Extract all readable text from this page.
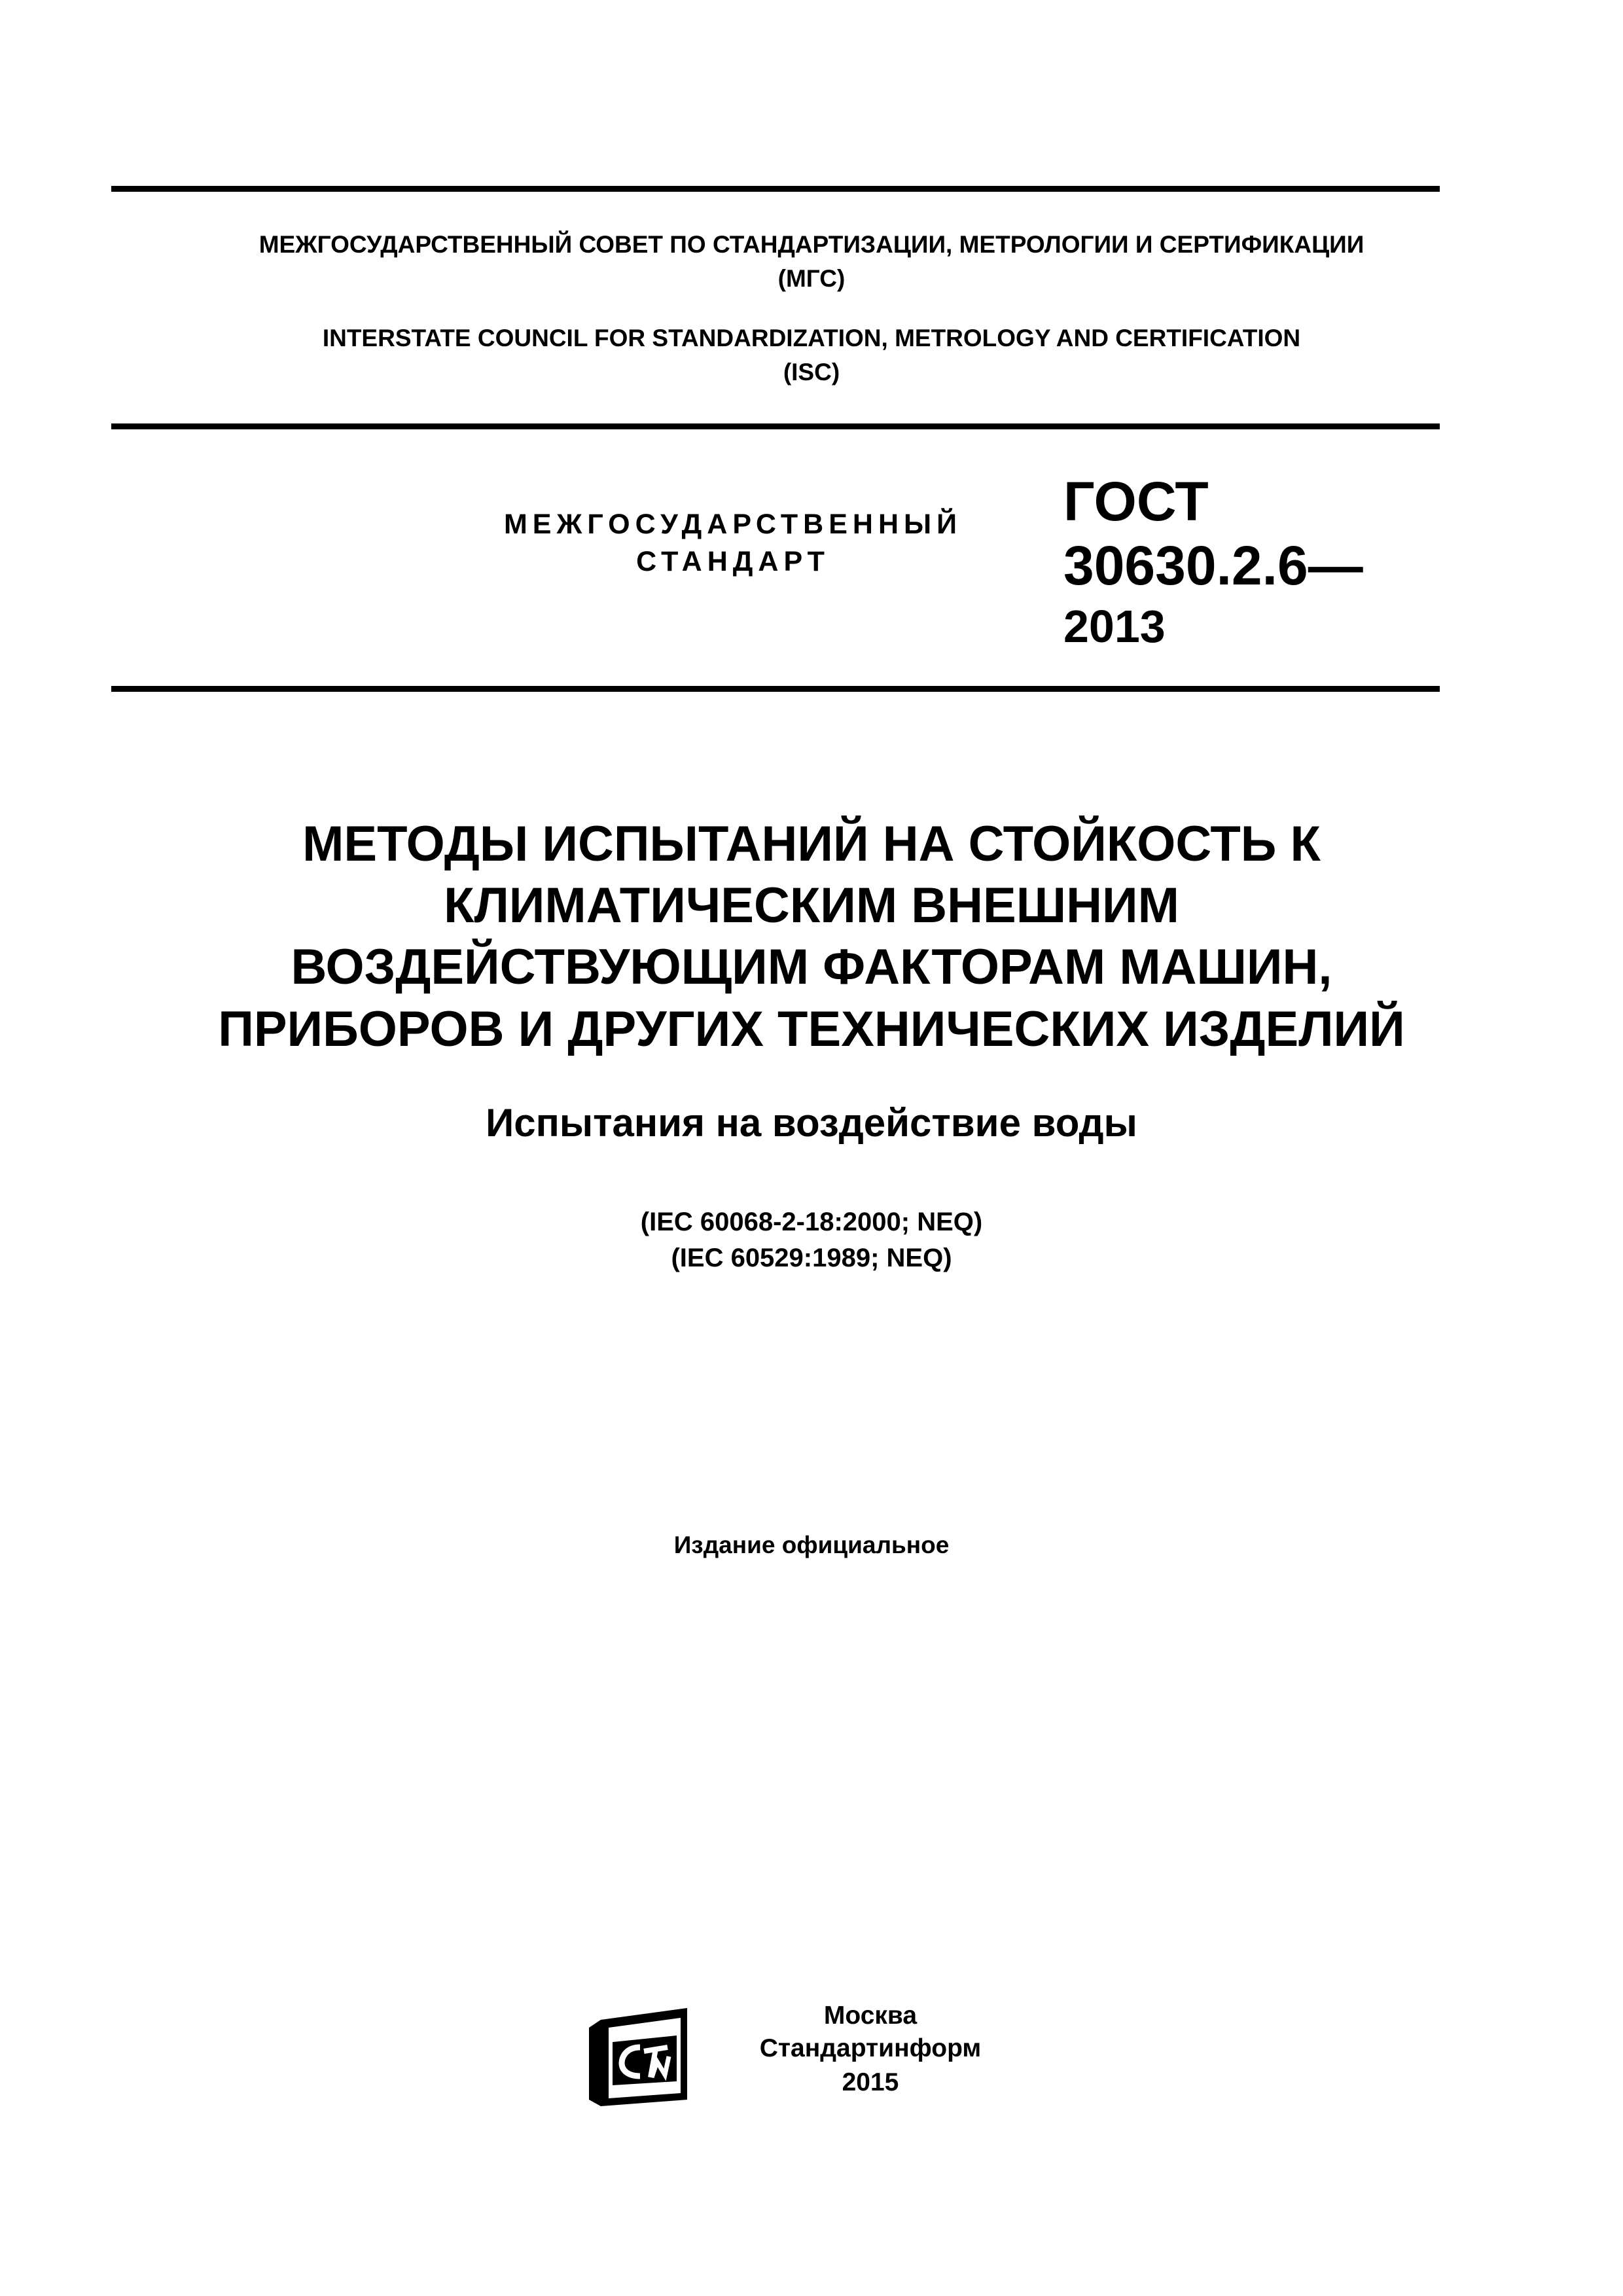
МЕЖГОСУДАРСТВЕННЫЙ СОВЕТ ПО СТАНДАРТИЗАЦИИ, МЕТРОЛОГИИ И СЕРТИФИКАЦИИ
(МГС)
INTERSTATE COUNCIL FOR STANDARDIZATION, METROLOGY AND CERTIFICATION
(ISC)
МЕЖГОСУДАРСТВЕННЫЙ
СТАНДАРТ
ГОСТ
30630.2.6—
2013
МЕТОДЫ ИСПЫТАНИЙ НА СТОЙКОСТЬ К
КЛИМАТИЧЕСКИМ ВНЕШНИМ
ВОЗДЕЙСТВУЮЩИМ ФАКТОРАМ МАШИН,
ПРИБОРОВ И ДРУГИХ ТЕХНИЧЕСКИХ ИЗДЕЛИЙ
Испытания на воздействие воды
(IEC 60068-2-18:2000; NEQ)
(IEC 60529:1989; NEQ)
Издание официальное
Москва
Стандартинформ
2015
